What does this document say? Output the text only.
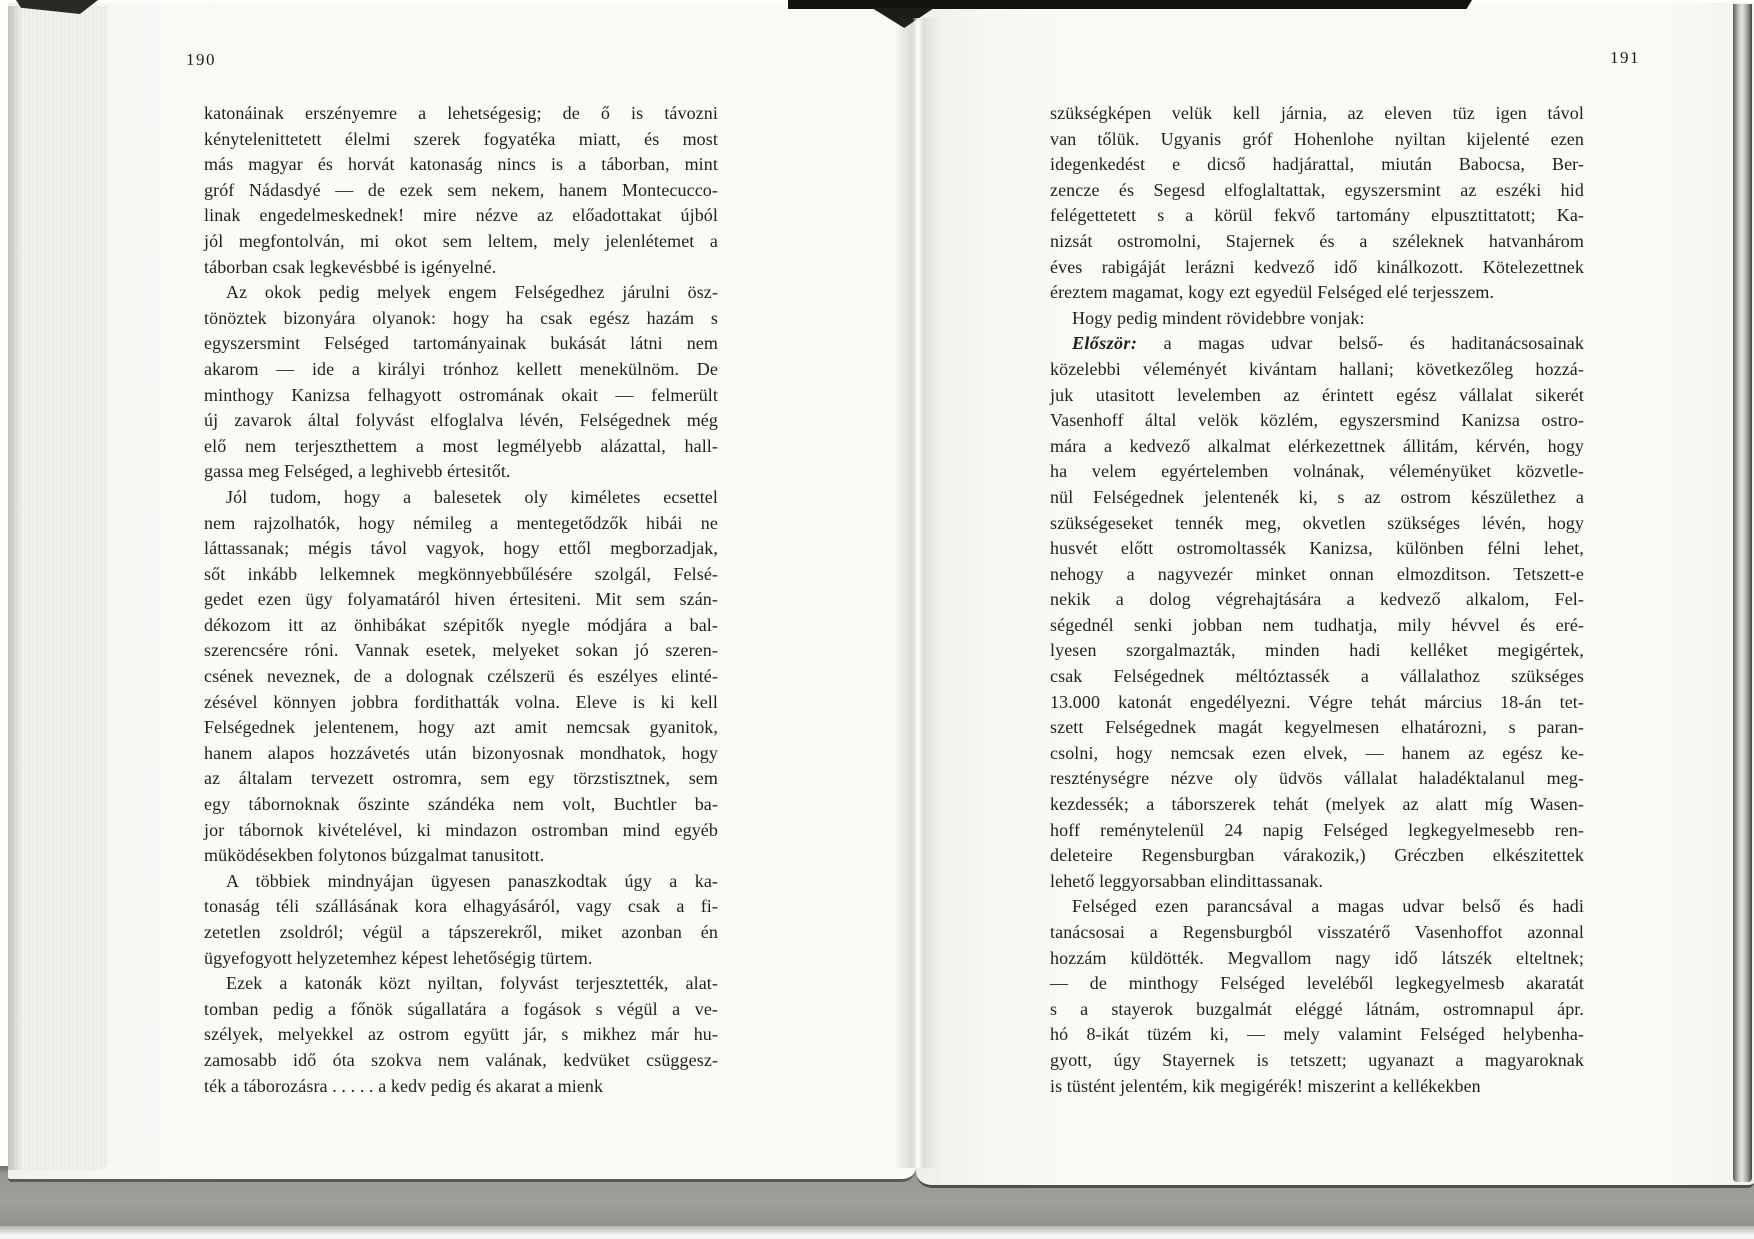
190	191
katonáinak erszényemre a lehetségesig; de ő is távozni
kénytelenittetett élelmi szerek fogyatéka miatt, és most
más magyar és horvát katonaság nincs is a táborban, mint
gróf Nádasdyé — de ezek sem nekem, hanem Montecucco-
linak engedelmeskednek! mire nézve az előadottakat újból
jól megfontolván, mi okot sem leltem, mely jelenlétemet a
táborban csak legkevésbbé is igényelné.
Az okok pedig melyek engem Felségedhez járulni ösz-
tönöztek bizonyára olyanok: hogy ha csak egész hazám s
egyszersmint Felséged tartományainak bukását látni nem
akarom — ide a királyi trónhoz kellett menekülnöm. De
minthogy Kanizsa felhagyott ostromának okait — felmerült
új zavarok által folyvást elfoglalva lévén, Felségednek még
elő nem terjeszthettem a most legmélyebb alázattal, hall-
gassa meg Felséged, a leghivebb értesitőt.
Jól tudom, hogy a balesetek oly kiméletes ecsettel
nem rajzolhatók, hogy némileg a mentegetődzők hibái ne
láttassanak; mégis távol vagyok, hogy ettől megborzadjak,
sőt inkább lelkemnek megkönnyebbűlésére szolgál, Felsé-
gedet ezen ügy folyamatáról hiven értesiteni. Mit sem szán-
dékozom itt az önhibákat szépitők nyegle módjára a bal-
szerencsére róni. Vannak esetek, melyeket sokan jó szeren-
csének neveznek, de a dolognak czélszerü és eszélyes elinté-
zésével könnyen jobbra fordithatták volna. Eleve is ki kell
Felségednek jelentenem, hogy azt amit nemcsak gyanitok,
hanem alapos hozzávetés után bizonyosnak mondhatok, hogy
az általam tervezett ostromra, sem egy törzstisztnek, sem
egy tábornoknak őszinte szándéka nem volt, Buchtler ba-
jor tábornok kivételével, ki mindazon ostromban mind egyéb
müködésekben folytonos búzgalmat tanusitott.
A többiek mindnyájan ügyesen panaszkodtak úgy a ka-
tonaság téli szállásának kora elhagyásáról, vagy csak a fi-
zetetlen zsoldról; végül a tápszerekről, miket azonban én
ügyefogyott helyzetemhez képest lehetőségig türtem.
Ezek a katonák közt nyiltan, folyvást terjesztették, alat-
tomban pedig a főnök súgallatára a fogások s végül a ve-
szélyek, melyekkel az ostrom együtt jár, s mikhez már hu-
zamosabb idő óta szokva nem valának, kedvüket csüggesz-
ték a táborozásra . . . . . a kedv pedig és akarat a mienk
szükségképen velük kell járnia, az eleven tüz igen távol
van tőlük. Ugyanis gróf Hohenlohe nyiltan kijelenté ezen
idegenkedést e dicső hadjárattal, miután Babocsa, Ber-
zencze és Segesd elfoglaltattak, egyszersmint az eszéki hid
felégettetett s a körül fekvő tartomány elpusztittatott; Ka-
nizsát ostromolni, Stajernek és a széleknek hatvanhárom
éves rabigáját lerázni kedvező idő kinálkozott. Kötelezettnek
éreztem magamat, kogy ezt egyedül Felséged elé terjesszem.
Hogy pedig mindent rövidebbre vonjak:
Először: a magas udvar belső- és haditanácsosainak
közelebbi véleményét kivántam hallani; következőleg hozzá-
juk utasitott levelemben az érintett egész vállalat sikerét
Vasenhoff által velök közlém, egyszersmind Kanizsa ostro-
mára a kedvező alkalmat elérkezettnek állitám, kérvén, hogy
ha velem egyértelemben volnának, véleményüket közvetle-
nül Felségednek jelentenék ki, s az ostrom készülethez a
szükségeseket tennék meg, okvetlen szükséges lévén, hogy
husvét előtt ostromoltassék Kanizsa, különben félni lehet,
nehogy a nagyvezér minket onnan elmozditson. Tetszett-e
nekik a dolog végrehajtására a kedvező alkalom, Fel-
ségednél senki jobban nem tudhatja, mily hévvel és eré-
lyesen szorgalmazták, minden hadi kelléket megigértek,
csak Felségednek méltóztassék a vállalathoz szükséges
13.000 katonát engedélyezni. Végre tehát március 18-án tet-
szett Felségednek magát kegyelmesen elhatározni, s paran-
csolni, hogy nemcsak ezen elvek, — hanem az egész ke-
reszténységre nézve oly üdvös vállalat haladéktalanul meg-
kezdessék; a táborszerek tehát (melyek az alatt míg Wasen-
hoff reménytelenül 24 napig Felséged legkegyelmesebb ren-
deleteire Regensburgban várakozik,) Gréczben elkészitettek
lehető leggyorsabban elindittassanak.
Felséged ezen parancsával a magas udvar belső és hadi
tanácsosai a Regensburgból visszatérő Vasenhoffot azonnal
hozzám küldötték. Megvallom nagy idő látszék elteltnek;
— de minthogy Felséged leveléből legkegyelmesb akaratát
s a stayerok buzgalmát eléggé látnám, ostromnapul ápr.
hó 8-ikát tüzém ki, — mely valamint Felséged helybenha-
gyott, úgy Stayernek is tetszett; ugyanazt a magyaroknak
is tüstént jelentém, kik megigérék! miszerint a kellékekben
